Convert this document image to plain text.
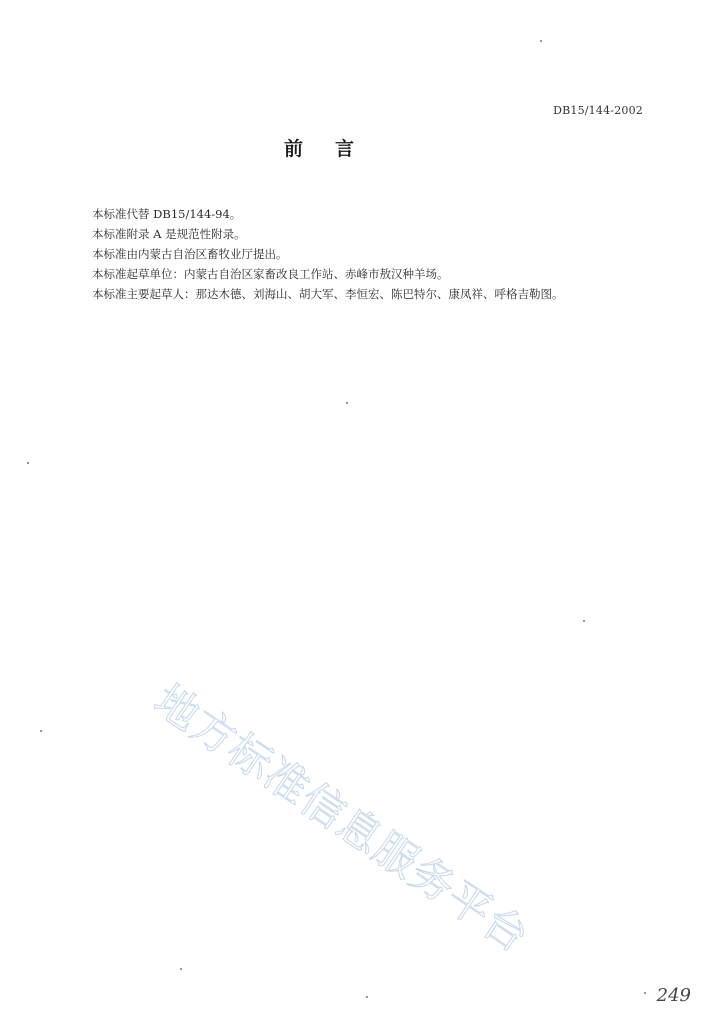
DB15/144-2002
前 言

本标准代替 DB15/144-94。

本标准附录 A 是规范性附录。

本标准由内蒙古自治区畜牧业厅提出。

本标准起草单位：内蒙古自治区家畜改良工作站、赤峰市敖汉种羊场。

本标准主要起草人：那达木德、刘海山、胡大军、李恒宏、陈巴特尔、康凤祥、呼格吉勒图。

地方标准信息服务平台
249
